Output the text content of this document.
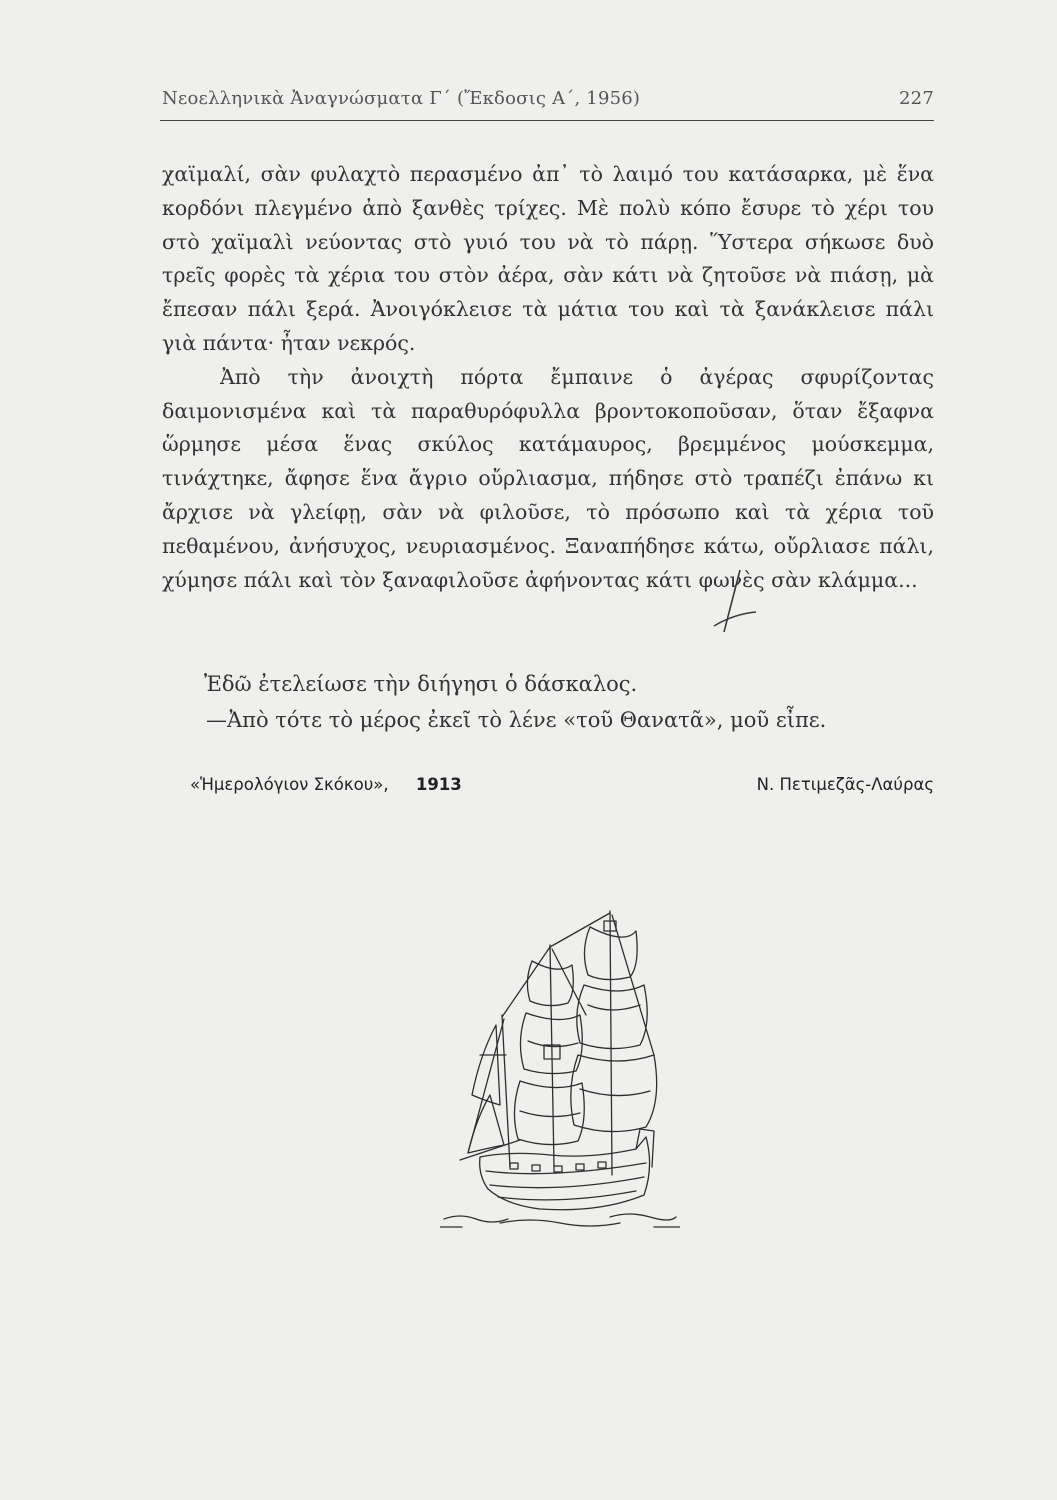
Νεοελληνικὰ Ἀναγνώσματα Γ΄ (Ἔκδοσις Α΄, 1956)	227

χαϊμαλί, σὰν φυλαχτὸ περασμένο ἀπ᾿ τὸ λαιμό του κατάσαρκα, μὲ ἕνα κορδόνι πλεγμένο ἀπὸ ξανθὲς τρίχες. Μὲ πολὺ κόπο ἔσυρε τὸ χέρι του στὸ χαϊμαλὶ νεύοντας στὸ γυιό του νὰ τὸ πάρῃ. Ὕστερα σήκωσε δυὸ τρεῖς φορὲς τὰ χέρια του στὸν ἀέρα, σὰν κάτι νὰ ζητοῦσε νὰ πιάσῃ, μὰ ἔπεσαν πάλι ξερά. Ἀνοιγόκλεισε τὰ μάτια του καὶ τὰ ξανάκλεισε πάλι γιὰ πάντα· ἦταν νεκρός.

Ἀπὸ τὴν ἀνοιχτὴ πόρτα ἔμπαινε ὁ ἀγέρας σφυρίζοντας δαιμονισμένα καὶ τὰ παραθυρόφυλλα βροντοκοποῦσαν, ὅταν ἔξαφνα ὥρμησε μέσα ἕνας σκύλος κατάμαυρος, βρεμμένος μούσκεμμα, τινάχτηκε, ἄφησε ἕνα ἄγριο οὔρλιασμα, πήδησε στὸ τραπέζι ἐπάνω κι ἄρχισε νὰ γλείφῃ, σὰν νὰ φιλοῦσε, τὸ πρόσωπο καὶ τὰ χέρια τοῦ πεθαμένου, ἀνήσυχος, νευριασμένος. Ξαναπήδησε κάτω, οὔρλιασε πάλι, χύμησε πάλι καὶ τὸν ξαναφιλοῦσε ἀφήνοντας κάτι φωνὲς σὰν κλάμμα...

Ἐδῶ ἐτελείωσε τὴν διήγησι ὁ δάσκαλος.

—Ἀπὸ τότε τὸ μέρος ἐκεῖ τὸ λένε «τοῦ Θανατᾶ», μοῦ εἶπε.

«Ἡμερολόγιον Σκόκου», 1913	Ν. Πετιμεζᾶς-Λαύρας
